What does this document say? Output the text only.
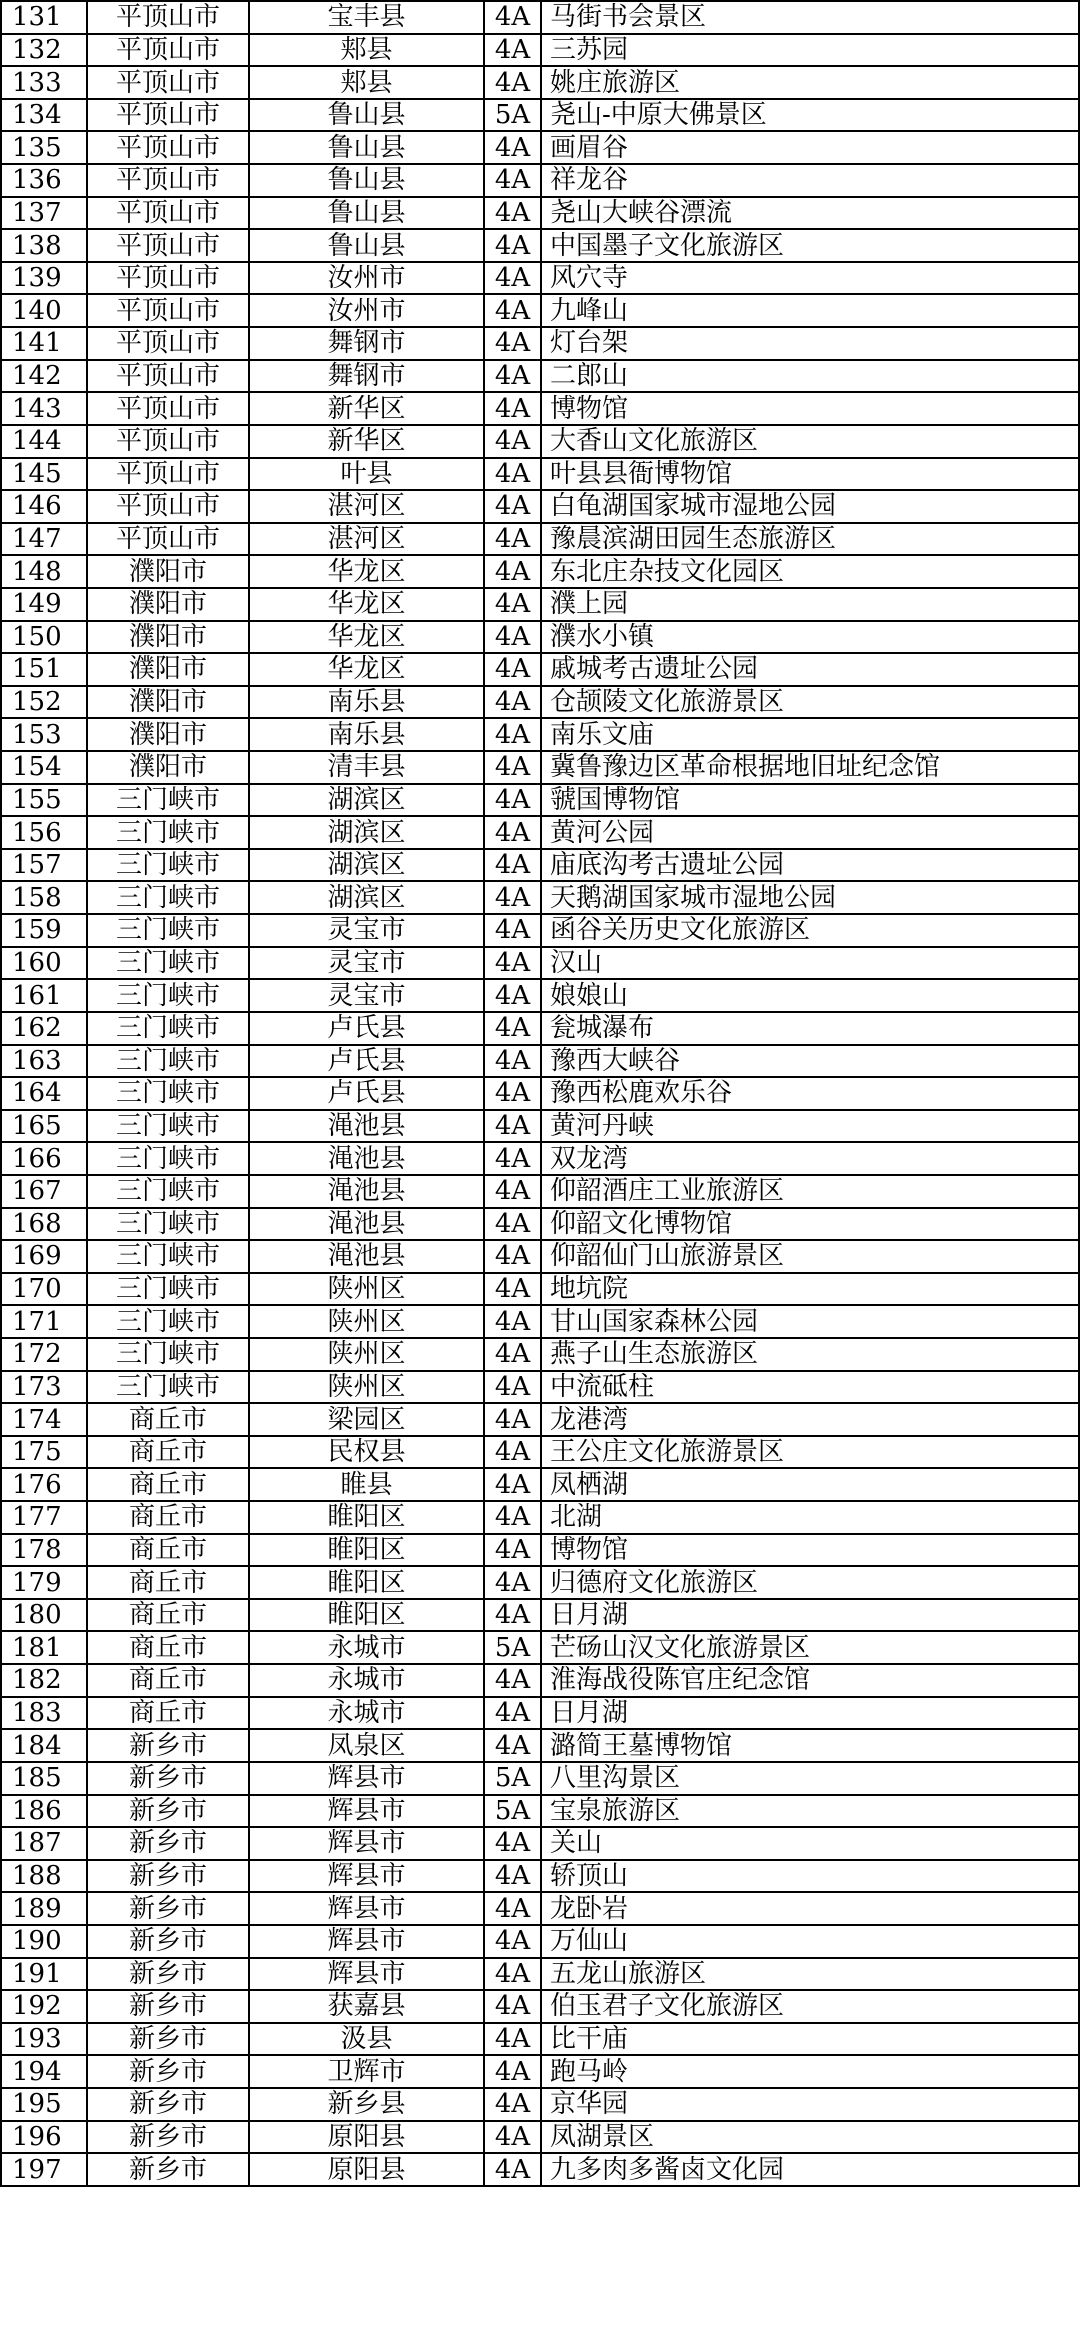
131	平顶山市	宝丰县	4A	马街书会景区
132	平顶山市	郏县	4A	三苏园
133	平顶山市	郏县	4A	姚庄旅游区
134	平顶山市	鲁山县	5A	尧山-中原大佛景区
135	平顶山市	鲁山县	4A	画眉谷
136	平顶山市	鲁山县	4A	祥龙谷
137	平顶山市	鲁山县	4A	尧山大峡谷漂流
138	平顶山市	鲁山县	4A	中国墨子文化旅游区
139	平顶山市	汝州市	4A	风穴寺
140	平顶山市	汝州市	4A	九峰山
141	平顶山市	舞钢市	4A	灯台架
142	平顶山市	舞钢市	4A	二郎山
143	平顶山市	新华区	4A	博物馆
144	平顶山市	新华区	4A	大香山文化旅游区
145	平顶山市	叶县	4A	叶县县衙博物馆
146	平顶山市	湛河区	4A	白龟湖国家城市湿地公园
147	平顶山市	湛河区	4A	豫晨滨湖田园生态旅游区
148	濮阳市	华龙区	4A	东北庄杂技文化园区
149	濮阳市	华龙区	4A	濮上园
150	濮阳市	华龙区	4A	濮水小镇
151	濮阳市	华龙区	4A	戚城考古遗址公园
152	濮阳市	南乐县	4A	仓颉陵文化旅游景区
153	濮阳市	南乐县	4A	南乐文庙
154	濮阳市	清丰县	4A	冀鲁豫边区革命根据地旧址纪念馆
155	三门峡市	湖滨区	4A	虢国博物馆
156	三门峡市	湖滨区	4A	黄河公园
157	三门峡市	湖滨区	4A	庙底沟考古遗址公园
158	三门峡市	湖滨区	4A	天鹅湖国家城市湿地公园
159	三门峡市	灵宝市	4A	函谷关历史文化旅游区
160	三门峡市	灵宝市	4A	汉山
161	三门峡市	灵宝市	4A	娘娘山
162	三门峡市	卢氏县	4A	瓮城瀑布
163	三门峡市	卢氏县	4A	豫西大峡谷
164	三门峡市	卢氏县	4A	豫西松鹿欢乐谷
165	三门峡市	渑池县	4A	黄河丹峡
166	三门峡市	渑池县	4A	双龙湾
167	三门峡市	渑池县	4A	仰韶酒庄工业旅游区
168	三门峡市	渑池县	4A	仰韶文化博物馆
169	三门峡市	渑池县	4A	仰韶仙门山旅游景区
170	三门峡市	陕州区	4A	地坑院
171	三门峡市	陕州区	4A	甘山国家森林公园
172	三门峡市	陕州区	4A	燕子山生态旅游区
173	三门峡市	陕州区	4A	中流砥柱
174	商丘市	梁园区	4A	龙港湾
175	商丘市	民权县	4A	王公庄文化旅游景区
176	商丘市	睢县	4A	凤栖湖
177	商丘市	睢阳区	4A	北湖
178	商丘市	睢阳区	4A	博物馆
179	商丘市	睢阳区	4A	归德府文化旅游区
180	商丘市	睢阳区	4A	日月湖
181	商丘市	永城市	5A	芒砀山汉文化旅游景区
182	商丘市	永城市	4A	淮海战役陈官庄纪念馆
183	商丘市	永城市	4A	日月湖
184	新乡市	凤泉区	4A	潞简王墓博物馆
185	新乡市	辉县市	5A	八里沟景区
186	新乡市	辉县市	5A	宝泉旅游区
187	新乡市	辉县市	4A	关山
188	新乡市	辉县市	4A	轿顶山
189	新乡市	辉县市	4A	龙卧岩
190	新乡市	辉县市	4A	万仙山
191	新乡市	辉县市	4A	五龙山旅游区
192	新乡市	获嘉县	4A	伯玉君子文化旅游区
193	新乡市	汲县	4A	比干庙
194	新乡市	卫辉市	4A	跑马岭
195	新乡市	新乡县	4A	京华园
196	新乡市	原阳县	4A	凤湖景区
197	新乡市	原阳县	4A	九多肉多酱卤文化园
